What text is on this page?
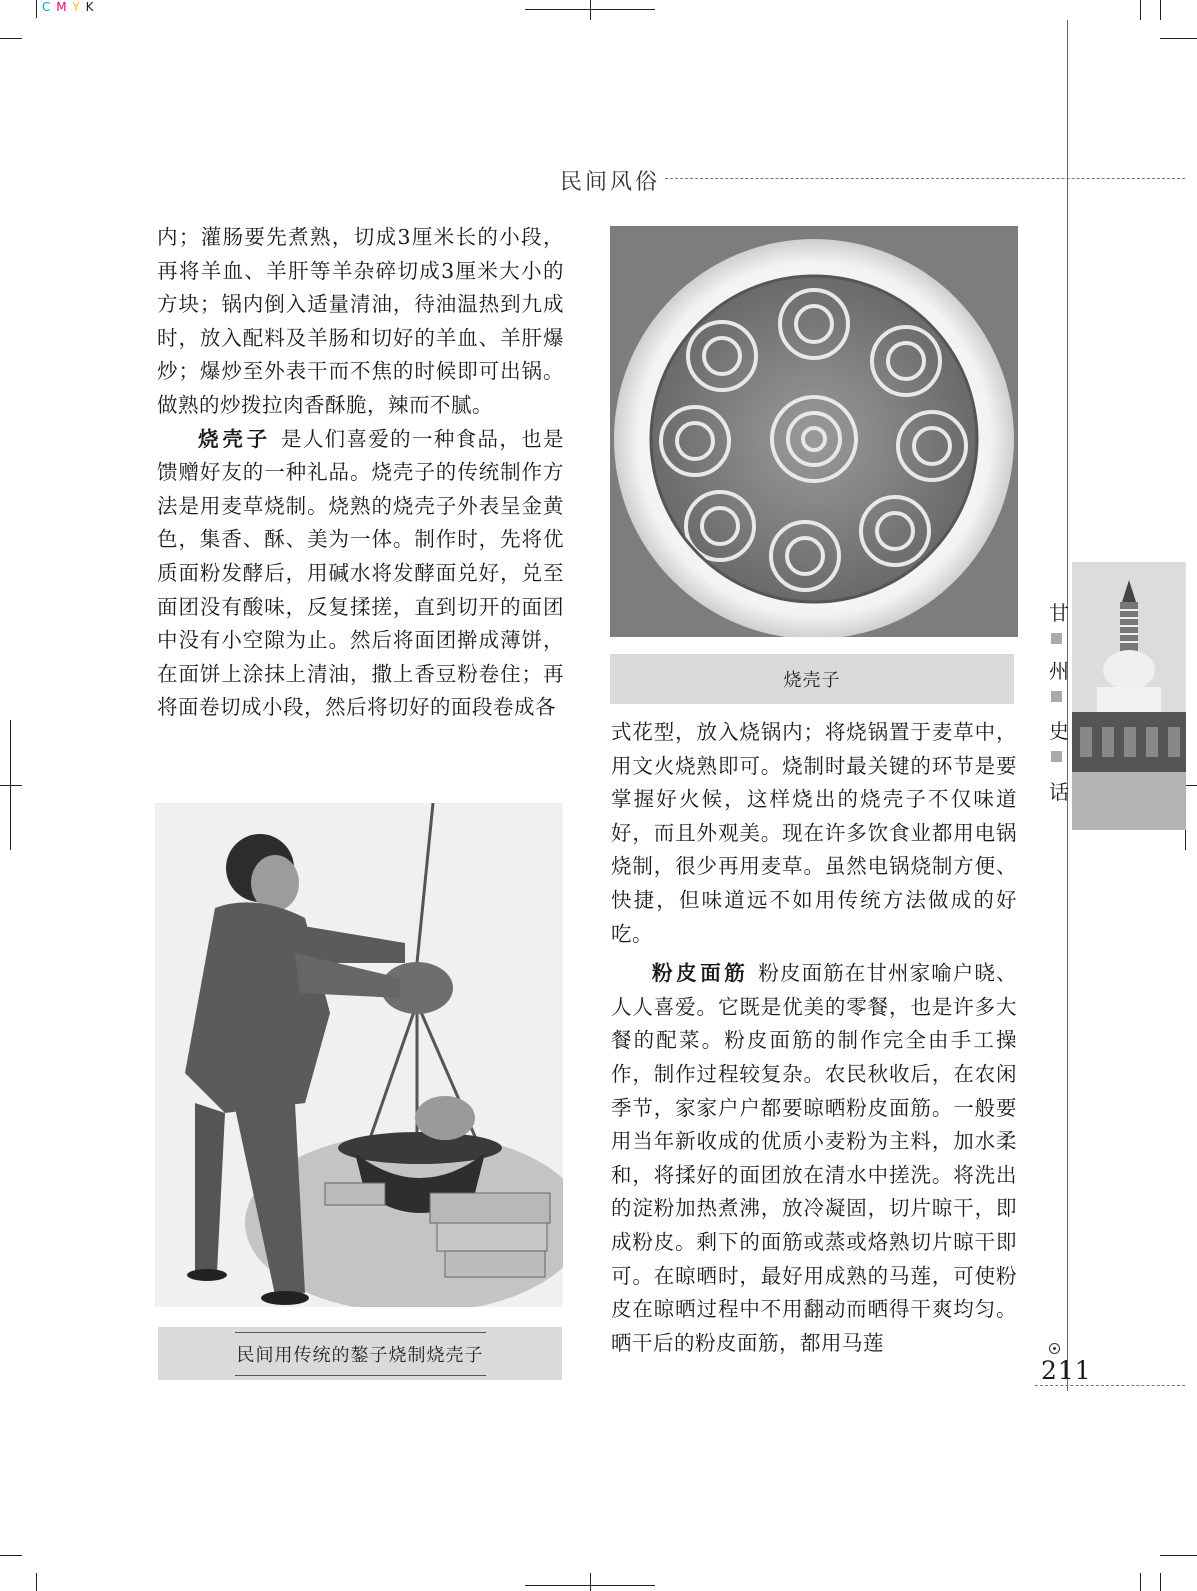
C M Y K
民间风俗

内；灌肠要先煮熟，切成3厘米长的小段，再将羊血、羊肝等羊杂碎切成3厘米大小的方块；锅内倒入适量清油，待油温热到九成时，放入配料及羊肠和切好的羊血、羊肝爆炒；爆炒至外表干而不焦的时候即可出锅。做熟的炒拨拉肉香酥脆，辣而不腻。

烧壳子 是人们喜爱的一种食品，也是馈赠好友的一种礼品。烧壳子的传统制作方法是用麦草烧制。烧熟的烧壳子外表呈金黄色，集香、酥、美为一体。制作时，先将优质面粉发酵后，用碱水将发酵面兑好，兑至面团没有酸味，反复揉搓，直到切开的面团中没有小空隙为止。然后将面团擀成薄饼，在面饼上涂抹上清油，撒上香豆粉卷住；再将面卷切成小段，然后将切好的面段卷成各

烧壳子

式花型，放入烧锅内；将烧锅置于麦草中，用文火烧熟即可。烧制时最关键的环节是要掌握好火候，这样烧出的烧壳子不仅味道好，而且外观美。现在许多饮食业都用电锅烧制，很少再用麦草。虽然电锅烧制方便、快捷，但味道远不如用传统方法做成的好吃。

粉皮面筋 粉皮面筋在甘州家喻户晓、人人喜爱。它既是优美的零餐，也是许多大餐的配菜。粉皮面筋的制作完全由手工操作，制作过程较复杂。农民秋收后，在农闲季节，家家户户都要晾晒粉皮面筋。一般要用当年新收成的优质小麦粉为主料，加水柔和，将揉好的面团放在清水中搓洗。将洗出的淀粉加热煮沸，放冷凝固，切片晾干，即成粉皮。剩下的面筋或蒸或烙熟切片晾干即可。在晾晒时，最好用成熟的马莲，可使粉皮在晾晒过程中不用翻动而晒得干爽均匀。晒干后的粉皮面筋，都用马莲

民间用传统的鏊子烧制烧壳子
甘
州
史
话
211
